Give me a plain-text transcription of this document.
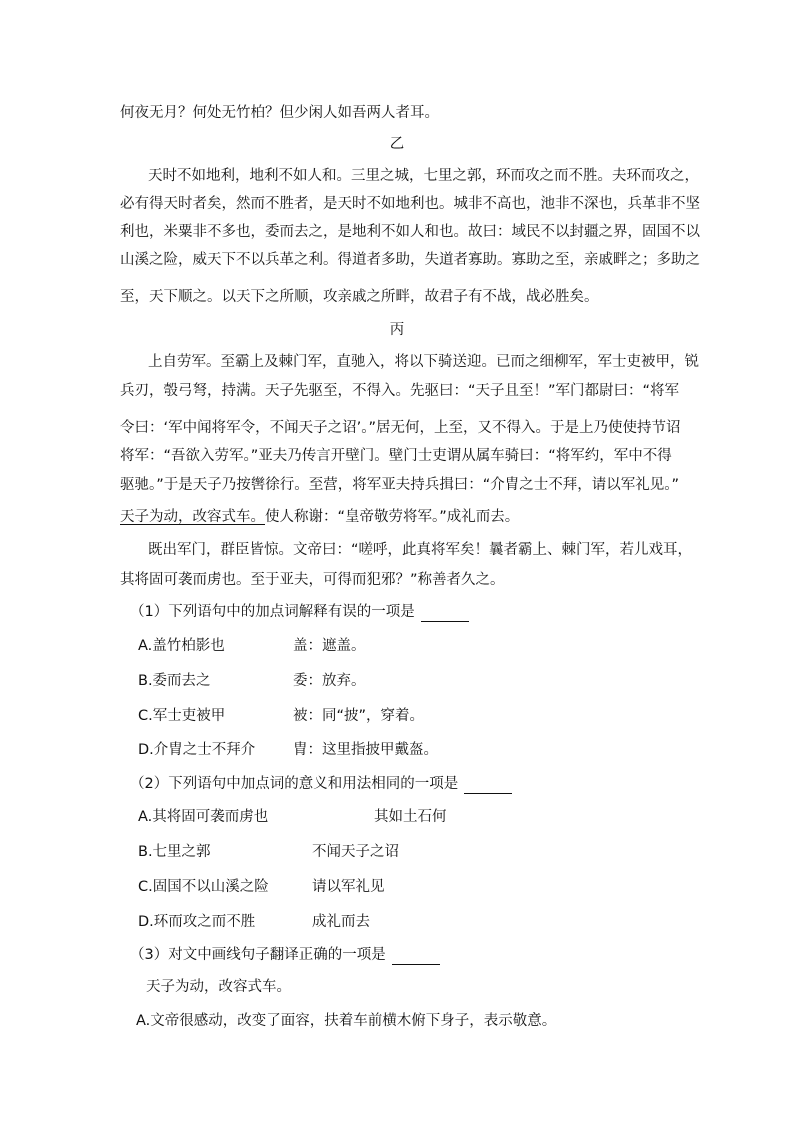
何夜无月？何处无竹柏？但少闲人如吾两人者耳。
乙
天时不如地利，地利不如人和。三里之城，七里之郭，环而攻之而不胜。夫环而攻之，
必有得天时者矣，然而不胜者，是天时不如地利也。城非不高也，池非不深也，兵革非不坚
利也，米粟非不多也，委而去之，是地利不如人和也。故曰：域民不以封疆之界，固国不以
山溪之险，威天下不以兵革之利。得道者多助，失道者寡助。寡助之至，亲戚畔之；多助之
至，天下顺之。以天下之所顺，攻亲戚之所畔，故君子有不战，战必胜矣。
丙
上自劳军。至霸上及棘门军，直驰入，将以下骑送迎。已而之细柳军，军士吏被甲，锐
兵刃，彀弓弩，持满。天子先驱至，不得入。先驱曰：“天子且至！”军门都尉曰：“将军
令曰：‘军中闻将军令，不闻天子之诏’。”居无何，上至，又不得入。于是上乃使使持节诏
将军：“吾欲入劳军。”亚夫乃传言开壁门。壁门士吏谓从属车骑曰：“将军约，军中不得
驱驰。”于是天子乃按辔徐行。至营，将军亚夫持兵揖曰：“介胄之士不拜，请以军礼见。”
天子为动，改容式车。使人称谢：“皇帝敬劳将军。”成礼而去。
既出军门，群臣皆惊。文帝曰：“嗟呼，此真将军矣！曩者霸上、棘门军，若儿戏耳，
其将固可袭而虏也。至于亚夫，可得而犯邪？”称善者久之。
（1）下列语句中的加点词解释有误的一项是
A.盖竹柏影也	盖：遮盖。
B.委而去之	委：放弃。
C.军士吏被甲	被：同“披”，穿着。
D.介胄之士不拜介	胄：这里指披甲戴盔。
（2）下列语句中加点词的意义和用法相同的一项是
A.其将固可袭而虏也	其如土石何
B.七里之郭	不闻天子之诏
C.固国不以山溪之险	请以军礼见
D.环而攻之而不胜	成礼而去
（3）对文中画线句子翻译正确的一项是
天子为动，改容式车。
A.文帝很感动，改变了面容，扶着车前横木俯下身子，表示敬意。
